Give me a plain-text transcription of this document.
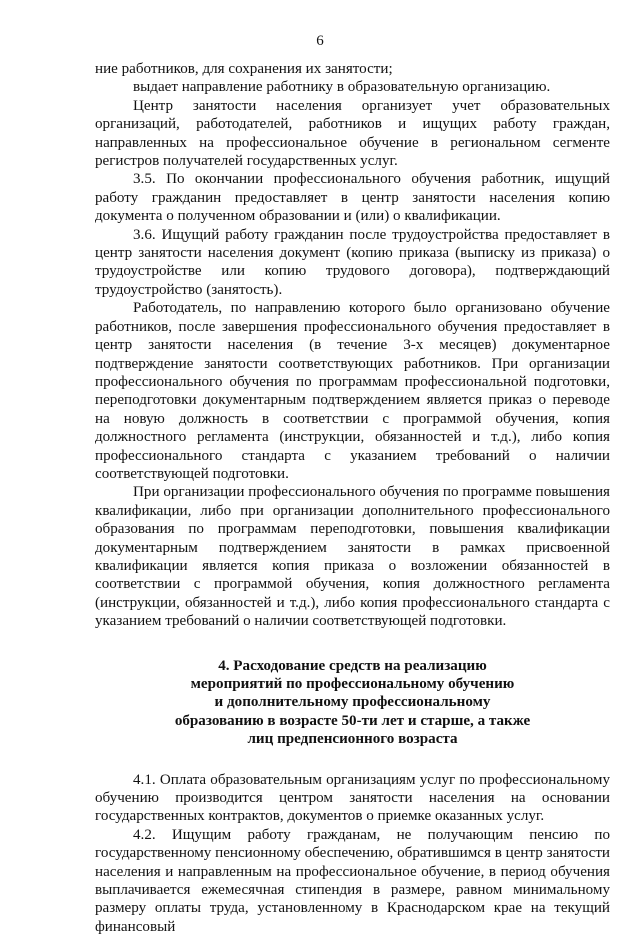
6

ние работников, для сохранения их занятости;

выдает направление работнику в образовательную организацию.

Центр занятости населения организует учет образовательных организаций, работодателей, работников и ищущих работу граждан, направленных на профессиональное обучение в региональном сегменте регистров получателей государственных услуг.

3.5. По окончании профессионального обучения работник, ищущий работу гражданин предоставляет в центр занятости населения копию документа о полученном образовании и (или) о квалификации.

3.6. Ищущий работу гражданин после трудоустройства предоставляет в центр занятости населения документ (копию приказа (выписку из приказа) о трудоустройстве или копию трудового договора), подтверждающий трудоустройство (занятость).

Работодатель, по направлению которого было организовано обучение работников, после завершения профессионального обучения предоставляет в центр занятости населения (в течение 3-х месяцев) документарное подтверждение занятости соответствующих работников. При организации профессионального обучения по программам профессиональной подготовки, переподготовки документарным подтверждением является приказ о переводе на новую должность в соответствии с программой обучения, копия должностного регламента (инструкции, обязанностей и т.д.), либо копия профессионального стандарта с указанием требований о наличии соответствующей подготовки.

При организации профессионального обучения по программе повышения квалификации, либо при организации дополнительного профессионального образования по программам переподготовки, повышения квалификации документарным подтверждением занятости в рамках присвоенной квалификации является копия приказа о возложении обязанностей в соответствии с программой обучения, копия должностного регламента (инструкции, обязанностей и т.д.), либо копия профессионального стандарта с указанием требований о наличии соответствующей подготовки.

4. Расходование средств на реализацию
мероприятий по профессиональному обучению
и дополнительному профессиональному
образованию в возрасте 50-ти лет и старше, а также
лиц предпенсионного возраста

4.1. Оплата образовательным организациям услуг по профессиональному обучению производится центром занятости населения на основании государственных контрактов, документов о приемке оказанных услуг.

4.2. Ищущим работу гражданам, не получающим пенсию по государственному пенсионному обеспечению, обратившимся в центр занятости населения и направленным на профессиональное обучение, в период обучения выплачивается ежемесячная стипендия в размере, равном минимальному размеру оплаты труда, установленному в Краснодарском крае на текущий финансовый
